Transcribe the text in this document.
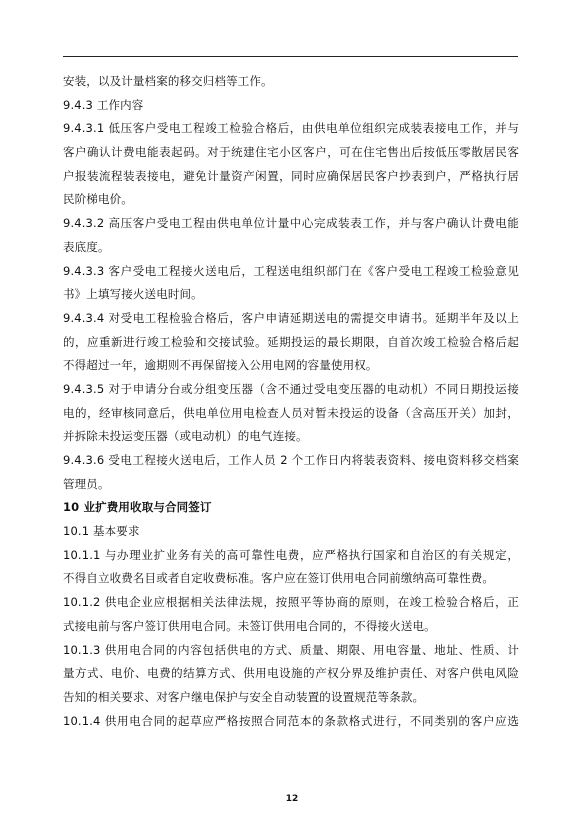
安装，以及计量档案的移交归档等工作。
9.4.3 工作内容
9.4.3.1 低压客户受电工程竣工检验合格后，由供电单位组织完成装表接电工作，并与
客户确认计费电能表起码。对于统建住宅小区客户，可在住宅售出后按低压零散居民客
户报装流程装表接电，避免计量资产闲置，同时应确保居民客户抄表到户，严格执行居
民阶梯电价。
9.4.3.2 高压客户受电工程由供电单位计量中心完成装表工作，并与客户确认计费电能
表底度。
9.4.3.3 客户受电工程接火送电后，工程送电组织部门在《客户受电工程竣工检验意见
书》上填写接火送电时间。
9.4.3.4 对受电工程检验合格后，客户申请延期送电的需提交申请书。延期半年及以上
的，应重新进行竣工检验和交接试验。延期投运的最长期限，自首次竣工检验合格后起
不得超过一年，逾期则不再保留接入公用电网的容量使用权。
9.4.3.5 对于申请分台或分组变压器（含不通过受电变压器的电动机）不同日期投运接
电的，经审核同意后，供电单位用电检查人员对暂未投运的设备（含高压开关）加封，
并拆除未投运变压器（或电动机）的电气连接。
9.4.3.6 受电工程接火送电后，工作人员 2 个工作日内将装表资料、接电资料移交档案
管理员。
10 业扩费用收取与合同签订
10.1 基本要求
10.1.1 与办理业扩业务有关的高可靠性电费，应严格执行国家和自治区的有关规定，
不得自立收费名目或者自定收费标准。客户应在签订供用电合同前缴纳高可靠性费。
10.1.2 供电企业应根据相关法律法规，按照平等协商的原则，在竣工检验合格后，正
式接电前与客户签订供用电合同。未签订供用电合同的，不得接火送电。
10.1.3 供用电合同的内容包括供电的方式、质量、期限、用电容量、地址、性质、计
量方式、电价、电费的结算方式、供用电设施的产权分界及维护责任、对客户供电风险
告知的相关要求、对客户继电保护与安全自动装置的设置规范等条款。
10.1.4 供用电合同的起草应严格按照合同范本的条款格式进行，不同类别的客户应选
12
